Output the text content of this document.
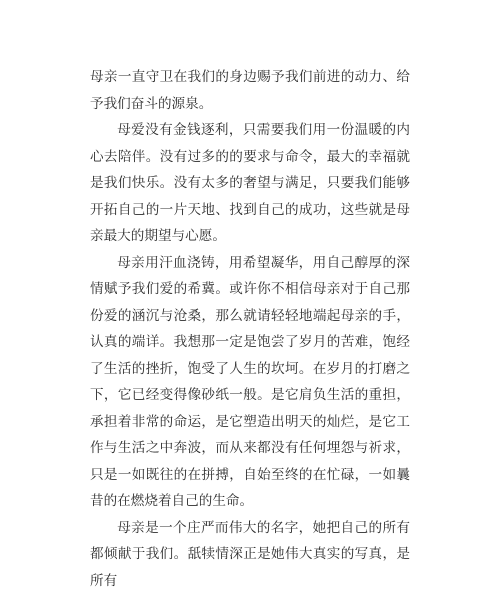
母亲一直守卫在我们的身边赐予我们前进的动力、给予我们奋斗的源泉。

母爱没有金钱逐利，只需要我们用一份温暖的内心去陪伴。没有过多的的要求与命令，最大的幸福就是我们快乐。没有太多的奢望与满足，只要我们能够开拓自己的一片天地、找到自己的成功，这些就是母亲最大的期望与心愿。

母亲用汗血浇铸，用希望凝华，用自己醇厚的深情赋予我们爱的希冀。或许你不相信母亲对于自己那份爱的涵沉与沧桑，那么就请轻轻地端起母亲的手，认真的端详。我想那一定是饱尝了岁月的苦难，饱经了生活的挫折，饱受了人生的坎坷。在岁月的打磨之下，它已经变得像砂纸一般。是它肩负生活的重担，承担着非常的命运，是它塑造出明天的灿烂，是它工作与生活之中奔波，而从来都没有任何埋怨与祈求，只是一如既往的在拼搏，自始至终的在忙碌，一如曩昔的在燃烧着自己的生命。

母亲是一个庄严而伟大的名字，她把自己的所有都倾献于我们。舐犊情深正是她伟大真实的写真，是所有
